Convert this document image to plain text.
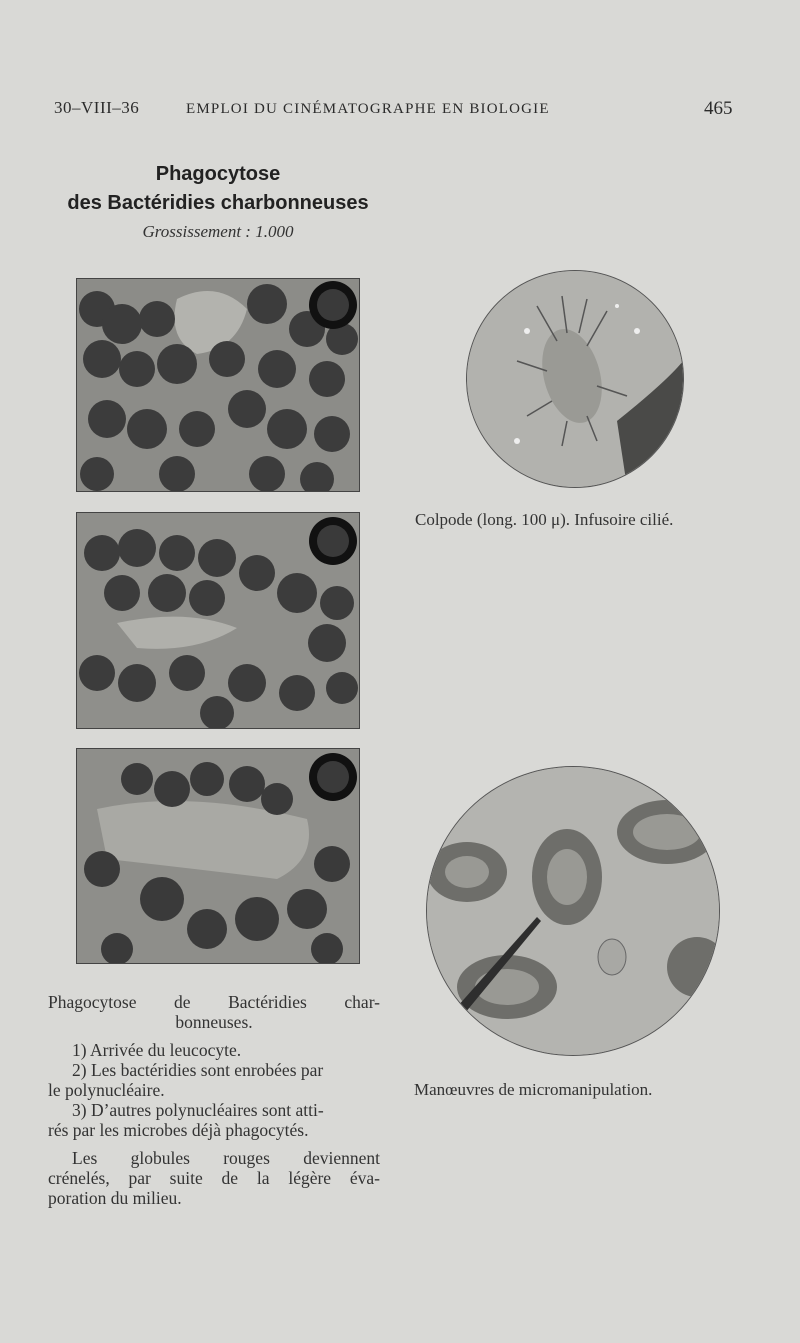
30–VIII–36	EMPLOI DU CINÉMATOGRAPHE EN BIOLOGIE	465
Phagocytose
des Bactéridies charbonneuses
Grossissement : 1.000
Colpode (long. 100 μ). Infusoire cilié.
Manœuvres de micromanipulation.

Phagocytose de Bactéridies char-

bonneuses.

1) Arrivée du leucocyte.

2) Les bactéridies sont enrobées par

le polynucléaire.

3) D’autres polynucléaires sont atti-

rés par les microbes déjà phagocytés.

Les globules rouges deviennent

crénelés, par suite de la légère éva-

poration du milieu.
